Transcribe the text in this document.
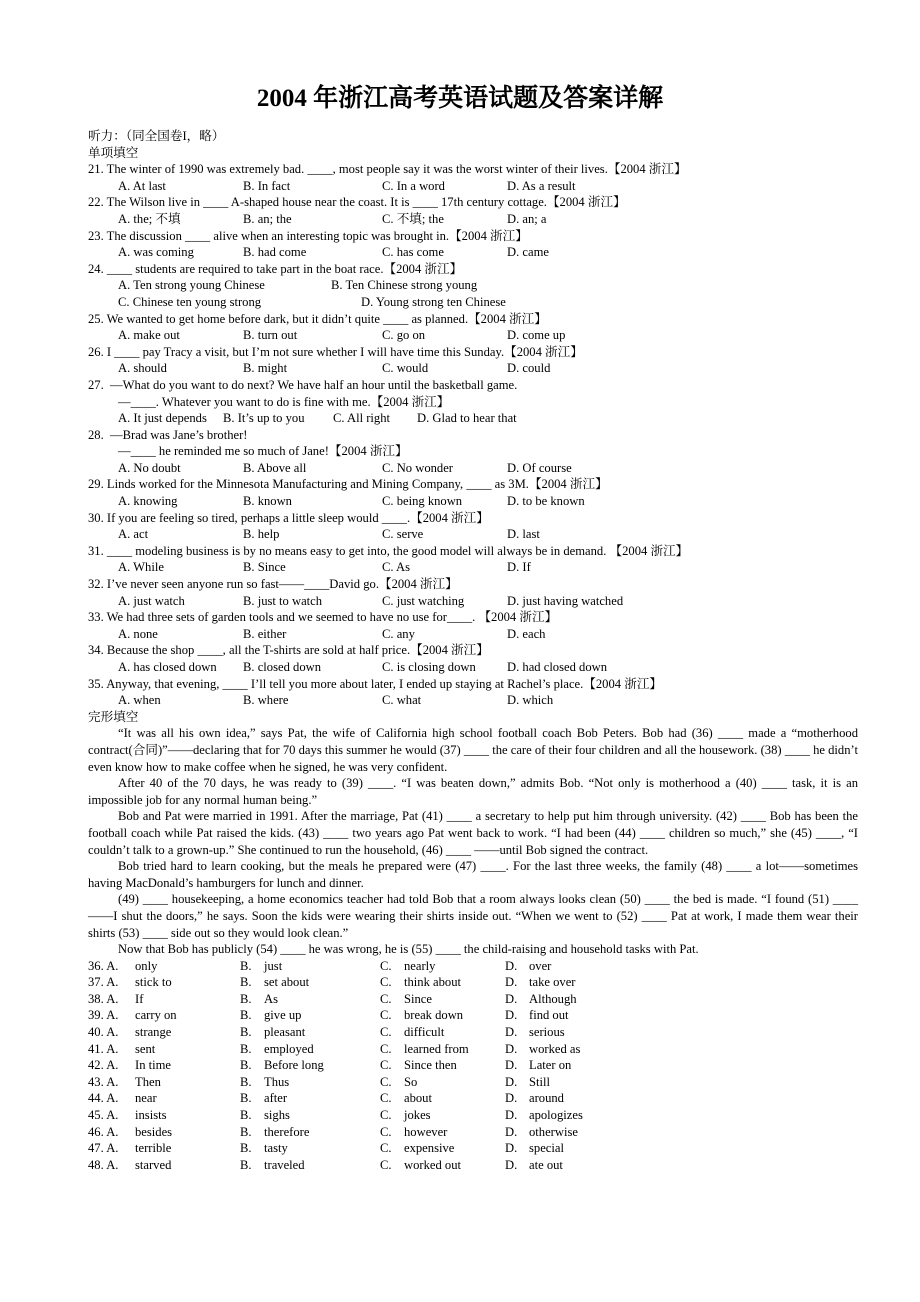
2004 年浙江高考英语试题及答案详解
听力：（同全国卷I，略）
单项填空
21. The winter of 1990 was extremely bad. ____, most people say it was the worst winter of their lives.【2004 浙江】
A. At last	B. In fact	C. In a word	D. As a result
22. The Wilson live in ____ A-shaped house near the coast. It is ____ 17th century cottage.【2004 浙江】
A. the; 不填	B. an; the	C. 不填; the	D. an; a
23. The discussion ____ alive when an interesting topic was brought in.【2004 浙江】
A. was coming	B. had come	C. has come	D. came
24. ____ students are required to take part in the boat race.【2004 浙江】
A. Ten strong young Chinese	B. Ten Chinese strong young
C. Chinese ten young strong	D. Young strong ten Chinese
25. We wanted to get home before dark, but it didn’t quite ____ as planned.【2004 浙江】
A. make out	B. turn out	C. go on	D. come up
26. I ____ pay Tracy a visit, but I’m not sure whether I will have time this Sunday.【2004 浙江】
A. should	B. might	C. would	D. could
27.  —What do you want to do next? We have half an hour until the basketball game.
—____. Whatever you want to do is fine with me.【2004 浙江】
A. It just depends	B. It’s up to you	C. All right	D. Glad to hear that
28.  —Brad was Jane’s brother!
—____ he reminded me so much of Jane!【2004 浙江】
A. No doubt	B. Above all	C. No wonder	D. Of course
29. Linds worked for the Minnesota Manufacturing and Mining Company, ____ as 3M.【2004 浙江】
A. knowing	B. known	C. being known	D. to be known
30. If you are feeling so tired, perhaps a little sleep would ____.【2004 浙江】
A. act	B. help	C. serve	D. last
31. ____ modeling business is by no means easy to get into, the good model will always be in demand. 【2004 浙江】
A. While	B. Since	C. As	D. If
32. I’ve never seen anyone run so fast——____David go.【2004 浙江】
A. just watch	B. just to watch	C. just watching	D. just having watched
33. We had three sets of garden tools and we seemed to have no use for____. 【2004 浙江】
A. none	B. either	C. any	D. each
34. Because the shop ____, all the T-shirts are sold at half price.【2004 浙江】
A. has closed down	B. closed down	C. is closing down	D. had closed down
35. Anyway, that evening, ____ I’ll tell you more about later, I ended up staying at Rachel’s place.【2004 浙江】
A. when	B. where	C. what	D. which
完形填空
“It was all his own idea,” says Pat, the wife of California high school football coach Bob Peters. Bob had (36) ____ made a “motherhood contract(合同)”——declaring that for 70 days this summer he would (37) ____ the care of their four children and all the housework. (38) ____ he didn’t even know how to make coffee when he signed, he was very confident.
After 40 of the 70 days, he was ready to (39) ____. “I was beaten down,” admits Bob. “Not only is motherhood a (40) ____ task, it is an impossible job for any normal human being.”
Bob and Pat were married in 1991. After the marriage, Pat (41) ____ a secretary to help put him through university. (42) ____ Bob has been the football coach while Pat raised the kids. (43) ____ two years ago Pat went back to work. “I had been (44) ____ children so much,” she (45) ____, “I couldn’t talk to a grown-up.” She continued to run the household, (46) ____ ——until Bob signed the contract.
Bob tried hard to learn cooking, but the meals he prepared were (47) ____. For the last three weeks, the family (48) ____ a lot——sometimes having MacDonald’s hamburgers for lunch and dinner.
(49) ____ housekeeping, a home economics teacher had told Bob that a room always looks clean (50) ____ the bed is made. “I found (51) ____——I shut the doors,” he says. Soon the kids were wearing their shirts inside out. “When we went to (52) ____ Pat at work, I made them wear their shirts (53) ____ side out so they would look clean.”
Now that Bob has publicly (54) ____ he was wrong, he is (55) ____ the child-raising and household tasks with Pat.
36. A.	only	B. just	C. nearly	D. over
37. A.	stick to	B. set about	C. think about	D. take over
38. A.	If	B. As	C. Since	D. Although
39. A.	carry on	B. give up	C. break down	D. find out
40. A.	strange	B. pleasant	C. difficult	D. serious
41. A.	sent	B. employed	C. learned from	D. worked as
42. A.	In time	B. Before long	C. Since then	D. Later on
43. A.	Then	B. Thus	C. So	D. Still
44. A.	near	B. after	C. about	D. around
45. A.	insists	B. sighs	C. jokes	D. apologizes
46. A.	besides	B. therefore	C. however	D. otherwise
47. A.	terrible	B. tasty	C. expensive	D. special
48. A.	starved	B. traveled	C. worked out	D. ate out
